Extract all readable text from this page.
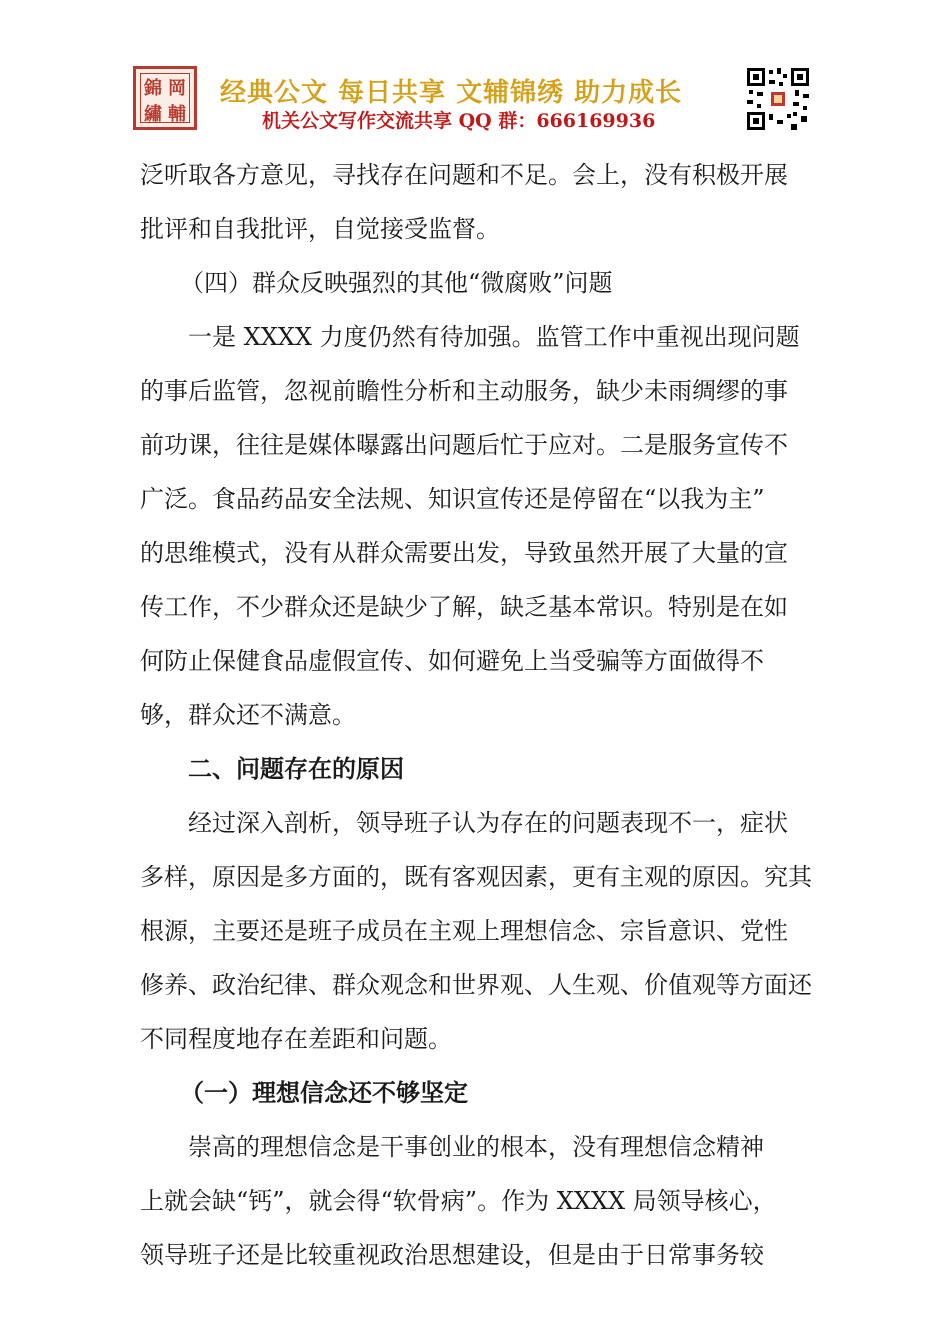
錦 岡
繡 輔
经典公文 每日共享 文辅锦绣 助力成长
机关公文写作交流共享 QQ 群：666169936
泛听取各方意见，寻找存在问题和不足。会上，没有积极开展
批评和自我批评，自觉接受监督。
（四）群众反映强烈的其他“微腐败”问题
一是 XXXX 力度仍然有待加强。监管工作中重视出现问题
的事后监管，忽视前瞻性分析和主动服务，缺少未雨绸缪的事
前功课，往往是媒体曝露出问题后忙于应对。二是服务宣传不
广泛。食品药品安全法规、知识宣传还是停留在“以我为主”
的思维模式，没有从群众需要出发，导致虽然开展了大量的宣
传工作，不少群众还是缺少了解，缺乏基本常识。特别是在如
何防止保健食品虚假宣传、如何避免上当受骗等方面做得不
够，群众还不满意。
二、问题存在的原因
经过深入剖析，领导班子认为存在的问题表现不一，症状
多样，原因是多方面的，既有客观因素，更有主观的原因。究其
根源，主要还是班子成员在主观上理想信念、宗旨意识、党性
修养、政治纪律、群众观念和世界观、人生观、价值观等方面还
不同程度地存在差距和问题。
（一）理想信念还不够坚定
崇高的理想信念是干事创业的根本，没有理想信念精神
上就会缺“钙”，就会得“软骨病”。作为 XXXX 局领导核心，
领导班子还是比较重视政治思想建设，但是由于日常事务较
